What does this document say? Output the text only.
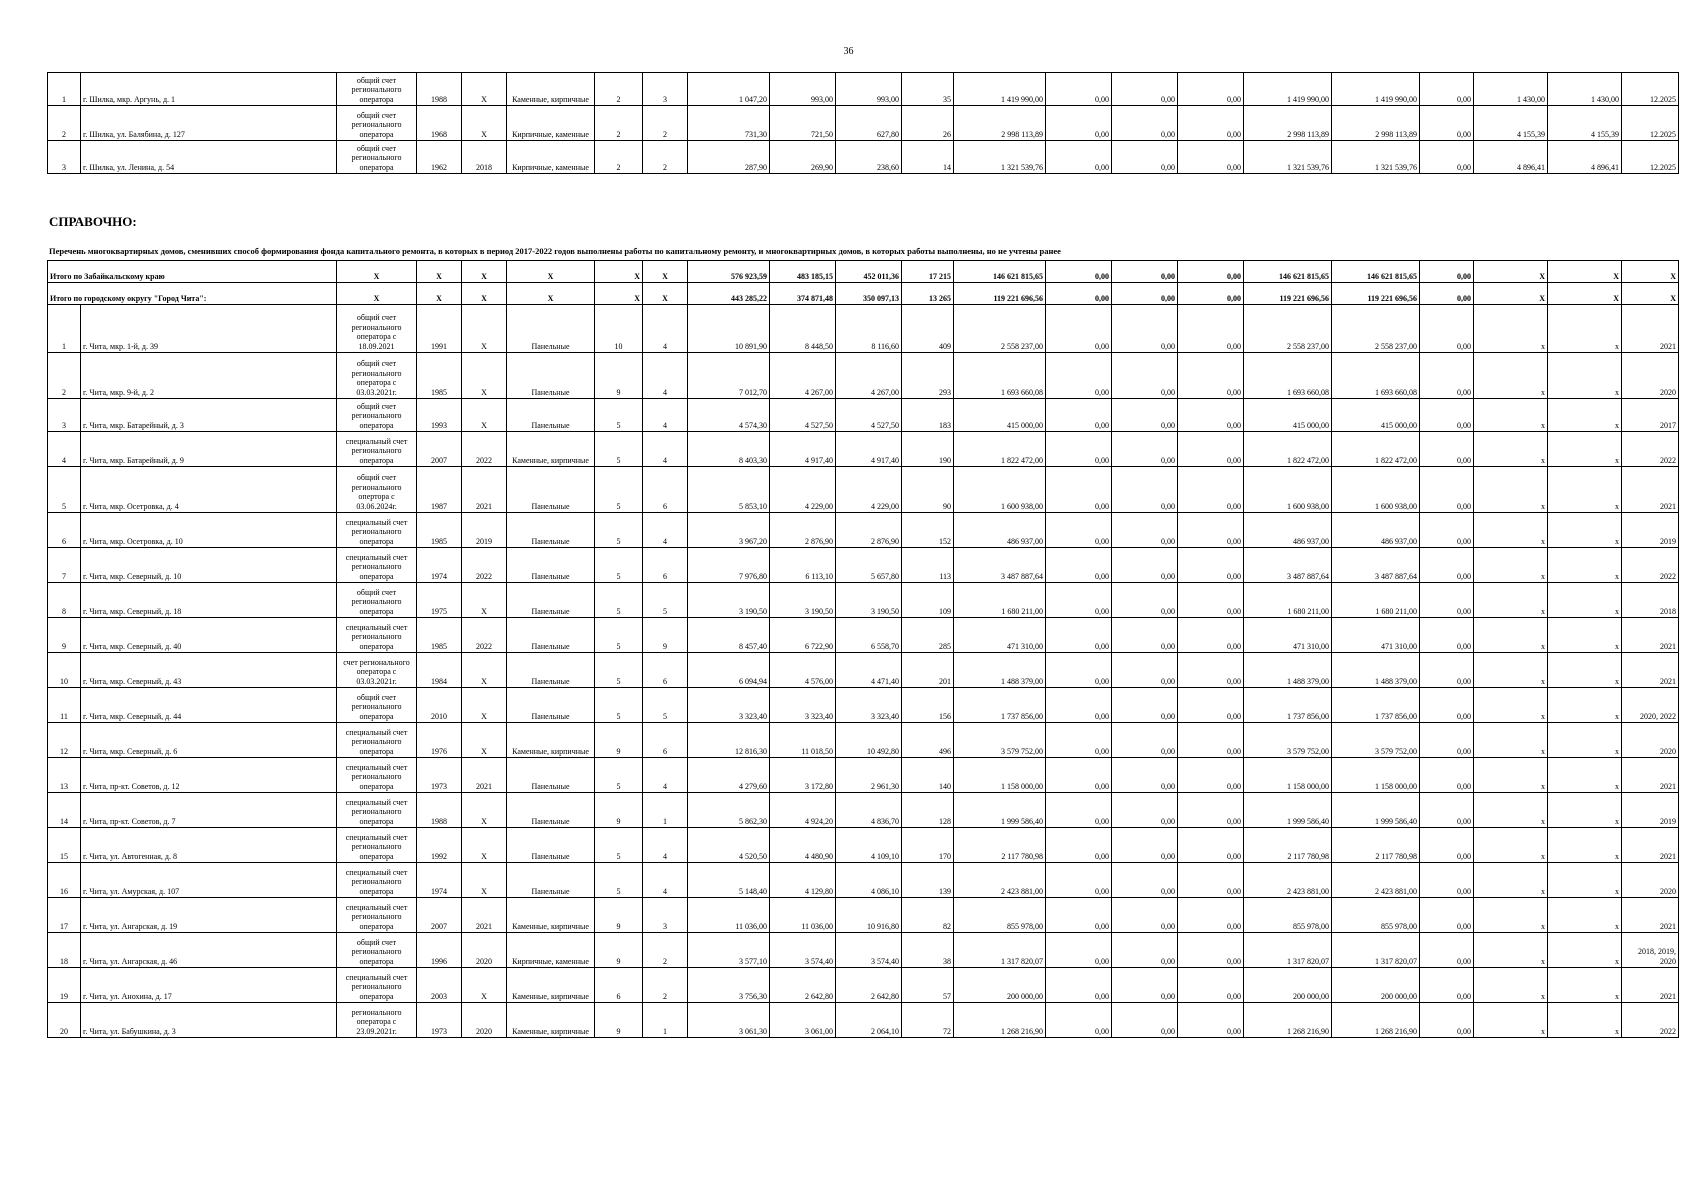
36
1	г. Шилка, мкр. Аргунь, д. 1	общий счет регионального оператора	1988	Х	Каменные, кирпичные	2	3	1 047,20	993,00	993,00	35	1 419 990,00	0,00	0,00	0,00	1 419 990,00	1 419 990,00	0,00	1 430,00	1 430,00	12.2025
2	г. Шилка, ул. Балябина, д. 127	общий счет регионального оператора	1968	Х	Кирпичные, каменные	2	2	731,30	721,50	627,80	26	2 998 113,89	0,00	0,00	0,00	2 998 113,89	2 998 113,89	0,00	4 155,39	4 155,39	12.2025
3	г. Шилка, ул. Ленина, д. 54	общий счет регионального оператора	1962	2018	Кирпичные, каменные	2	2	287,90	269,90	238,60	14	1 321 539,76	0,00	0,00	0,00	1 321 539,76	1 321 539,76	0,00	4 896,41	4 896,41	12.2025
СПРАВОЧНО:
Перечень многоквартирных домов, сменивших способ формирования фонда капитального ремонта, в которых в период 2017-2022 годов выполнены работы по капитальному ремонту, и многоквартирных домов, в которых работы выполнены, но не учтены ранее
Итого по Забайкальскому краю		Х	Х	Х	Х	Х	Х	576 923,59	483 185,15	452 011,36	17 215	146 621 815,65	0,00	0,00	0,00	146 621 815,65	146 621 815,65	0,00	Х	Х	Х
Итого по городскому округу "Город Чита":		Х	Х	Х	Х	Х	Х	443 285,22	374 871,48	350 097,13	13 265	119 221 696,56	0,00	0,00	0,00	119 221 696,56	119 221 696,56	0,00	Х	Х	Х
1	г. Чита, мкр. 1-й, д. 39	общий счет регионального оператора с 18.09.2021	1991	Х	Панельные	10	4	10 891,90	8 448,50	8 116,60	409	2 558 237,00	0,00	0,00	0,00	2 558 237,00	2 558 237,00	0,00	х	х	2021
2	г. Чита, мкр. 9-й, д. 2	общий счет регионального оператора с 03.03.2021г.	1985	Х	Панельные	9	4	7 012,70	4 267,00	4 267,00	293	1 693 660,08	0,00	0,00	0,00	1 693 660,08	1 693 660,08	0,00	х	х	2020
3	г. Чита, мкр. Батарейный, д. 3	общий счет регионального оператора	1993	Х	Панельные	5	4	4 574,30	4 527,50	4 527,50	183	415 000,00	0,00	0,00	0,00	415 000,00	415 000,00	0,00	х	х	2017
4	г. Чита, мкр. Батарейный, д. 9	специальный счет регионального оператора	2007	2022	Каменные, кирпичные	5	4	8 403,30	4 917,40	4 917,40	190	1 822 472,00	0,00	0,00	0,00	1 822 472,00	1 822 472,00	0,00	х	х	2022
5	г. Чита, мкр. Осетровка, д. 4	общий счет регионального опертора с 03.06.2024г.	1987	2021	Панельные	5	6	5 853,10	4 229,00	4 229,00	90	1 600 938,00	0,00	0,00	0,00	1 600 938,00	1 600 938,00	0,00	х	х	2021
6	г. Чита, мкр. Осетровка, д. 10	специальный счет регионального оператора	1985	2019	Панельные	5	4	3 967,20	2 876,90	2 876,90	152	486 937,00	0,00	0,00	0,00	486 937,00	486 937,00	0,00	х	х	2019
7	г. Чита, мкр. Северный, д. 10	специальный счет регионального оператора	1974	2022	Панельные	5	6	7 976,80	6 113,10	5 657,80	113	3 487 887,64	0,00	0,00	0,00	3 487 887,64	3 487 887,64	0,00	х	х	2022
8	г. Чита, мкр. Северный, д. 18	общий счет регионального оператора	1975	Х	Панельные	5	5	3 190,50	3 190,50	3 190,50	109	1 680 211,00	0,00	0,00	0,00	1 680 211,00	1 680 211,00	0,00	х	х	2018
9	г. Чита, мкр. Северный, д. 40	специальный счет регионального оператора	1985	2022	Панельные	5	9	8 457,40	6 722,90	6 558,70	285	471 310,00	0,00	0,00	0,00	471 310,00	471 310,00	0,00	х	х	2021
10	г. Чита, мкр. Северный, д. 43	счет регионального оператора с 03.03.2021г.	1984	Х	Панельные	5	6	6 094,94	4 576,00	4 471,40	201	1 488 379,00	0,00	0,00	0,00	1 488 379,00	1 488 379,00	0,00	х	х	2021
11	г. Чита, мкр. Северный, д. 44	общий счет регионального оператора	2010	Х	Панельные	5	5	3 323,40	3 323,40	3 323,40	156	1 737 856,00	0,00	0,00	0,00	1 737 856,00	1 737 856,00	0,00	х	х	2020, 2022
12	г. Чита, мкр. Северный, д. 6	специальный счет регионального оператора	1976	Х	Каменные, кирпичные	9	6	12 816,30	11 018,50	10 492,80	496	3 579 752,00	0,00	0,00	0,00	3 579 752,00	3 579 752,00	0,00	х	х	2020
13	г. Чита, пр-кт. Советов, д. 12	специальный счет регионального оператора	1973	2021	Панельные	5	4	4 279,60	3 172,80	2 961,30	140	1 158 000,00	0,00	0,00	0,00	1 158 000,00	1 158 000,00	0,00	х	х	2021
14	г. Чита, пр-кт. Советов, д. 7	специальный счет регионального оператора	1988	Х	Панельные	9	1	5 862,30	4 924,20	4 836,70	128	1 999 586,40	0,00	0,00	0,00	1 999 586,40	1 999 586,40	0,00	х	х	2019
15	г. Чита, ул. Автогенная, д. 8	специальный счет регионального оператора	1992	Х	Панельные	5	4	4 520,50	4 480,90	4 109,10	170	2 117 780,98	0,00	0,00	0,00	2 117 780,98	2 117 780,98	0,00	х	х	2021
16	г. Чита, ул. Амурская, д. 107	специальный счет регионального оператора	1974	Х	Панельные	5	4	5 148,40	4 129,80	4 086,10	139	2 423 881,00	0,00	0,00	0,00	2 423 881,00	2 423 881,00	0,00	х	х	2020
17	г. Чита, ул. Ангарская, д. 19	специальный счет регионального оператора	2007	2021	Каменные, кирпичные	9	3	11 036,00	11 036,00	10 916,80	82	855 978,00	0,00	0,00	0,00	855 978,00	855 978,00	0,00	х	х	2021
18	г. Чита, ул. Ангарская, д. 46	общий счет регионального оператора	1996	2020	Кирпичные, каменные	9	2	3 577,10	3 574,40	3 574,40	38	1 317 820,07	0,00	0,00	0,00	1 317 820,07	1 317 820,07	0,00	х	х	2018, 2019, 2020
19	г. Чита, ул. Анохина, д. 17	специальный счет регионального оператора	2003	Х	Каменные, кирпичные	6	2	3 756,30	2 642,80	2 642,80	57	200 000,00	0,00	0,00	0,00	200 000,00	200 000,00	0,00	х	х	2021
20	г. Чита, ул. Бабушкина, д. 3	регионального оператора с 23.09.2021г.	1973	2020	Каменные, кирпичные	9	1	3 061,30	3 061,00	2 064,10	72	1 268 216,90	0,00	0,00	0,00	1 268 216,90	1 268 216,90	0,00	х	х	2022
